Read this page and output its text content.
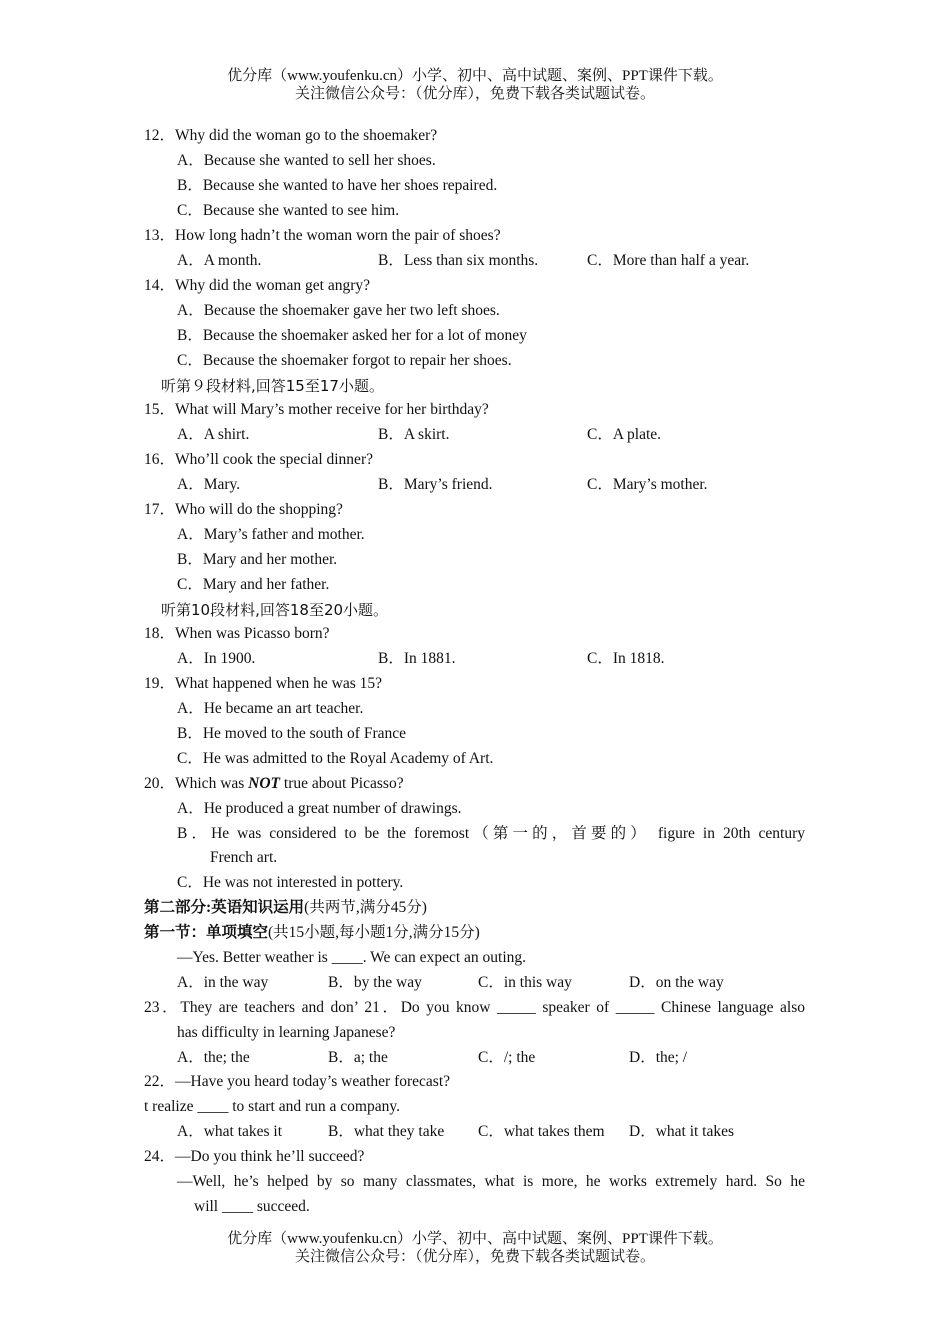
优分库（www.youfenku.cn）小学、初中、高中试题、案例、PPT课件下载。
关注微信公众号：（优分库），免费下载各类试题试卷。
12．Why did the woman go to the shoemaker?
A．Because she wanted to sell her shoes.
B．Because she wanted to have her shoes repaired.
C．Because she wanted to see him.
13．How long hadn’t the woman worn the pair of shoes?
A．A month.	B．Less than six months.	C．More than half a year.
14．Why did the woman get angry?
A．Because the shoemaker gave her two left shoes.
B．Because the shoemaker asked her for a lot of money
C．Because the shoemaker forgot to repair her shoes.
听第９段材料,回答15至17小题。
15．What will Mary’s mother receive for her birthday?
A．A shirt.	B．A skirt.	C．A plate.
16．Who’ll cook the special dinner?
A．Mary.	B．Mary’s friend.	C．Mary’s mother.
17．Who will do the shopping?
A．Mary’s father and mother.
B．Mary and her mother.
C．Mary and her father.
听第10段材料,回答18至20小题。
18．When was Picasso born?
A．In 1900.	B．In 1881.	C．In 1818.
19．What happened when he was 15?
A．He became an art teacher.
B．He moved to the south of France
C．He was admitted to the Royal Academy of Art.
20．Which was NOT true about Picasso?
A．He produced a great number of drawings.
B．He was considered to be the foremost（第一的，首要的） figure in 20th century
French art.
C．He was not interested in pottery.
第二部分:英语知识运用(共两节,满分45分)
第一节：单项填空(共15小题,每小题1分,满分15分)
—Yes. Better weather is ____. We can expect an outing.
A．in the way	B．by the way	C．in this way	D．on the way
23．They are teachers and don’ 21．Do you know _____ speaker of _____ Chinese language also
has difficulty in learning Japanese?
A．the; the	B．a; the	C．/; the	D．the; /
22．—Have you heard today’s weather forecast?
t realize ____ to start and run a company.
A．what takes it	B．what they take C．what takes them D．what it takes
24．—Do you think he’ll succeed?
—Well, he’s helped by so many classmates, what is more, he works extremely hard. So he
will ____ succeed.
优分库（www.youfenku.cn）小学、初中、高中试题、案例、PPT课件下载。
关注微信公众号：（优分库），免费下载各类试题试卷。
